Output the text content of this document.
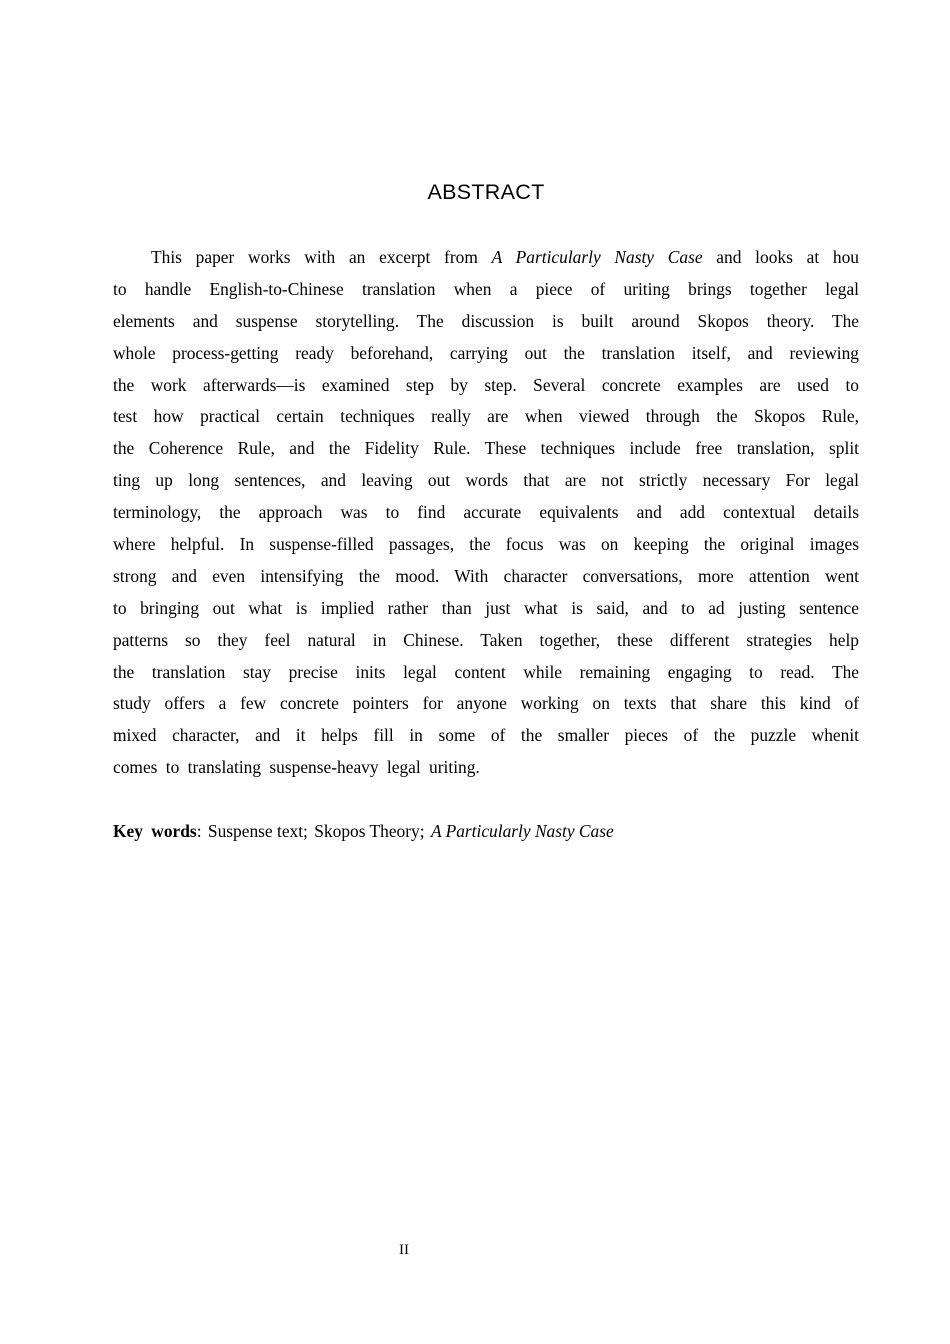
ABSTRACT
This paper works with an excerpt from A Particularly Nasty Case and looks at hou
to handle English-to-Chinese translation when a piece of uriting brings together legal
elements and suspense storytelling. The discussion is built around Skopos theory. The
whole process-getting ready beforehand, carrying out the translation itself, and reviewing
the work afterwards—is examined step by step. Several concrete examples are used to
test how practical certain techniques really are when viewed through the Skopos Rule,
the Coherence Rule, and the Fidelity Rule. These techniques include free translation, split
ting up long sentences, and leaving out words that are not strictly necessary For legal
terminology, the approach was to find accurate equivalents and add contextual details
where helpful. In suspense-filled passages, the focus was on keeping the original images
strong and even intensifying the mood. With character conversations, more attention went
to bringing out what is implied rather than just what is said, and to ad justing sentence
patterns so they feel natural in Chinese. Taken together, these different strategies help
the translation stay precise inits legal content while remaining engaging to read. The
study offers a few concrete pointers for anyone working on texts that share this kind of
mixed character, and it helps fill in some of the smaller pieces of the puzzle whenit
comes to translating suspense-heavy legal uriting.
Key words: Suspense text; Skopos Theory; A Particularly Nasty Case
II
